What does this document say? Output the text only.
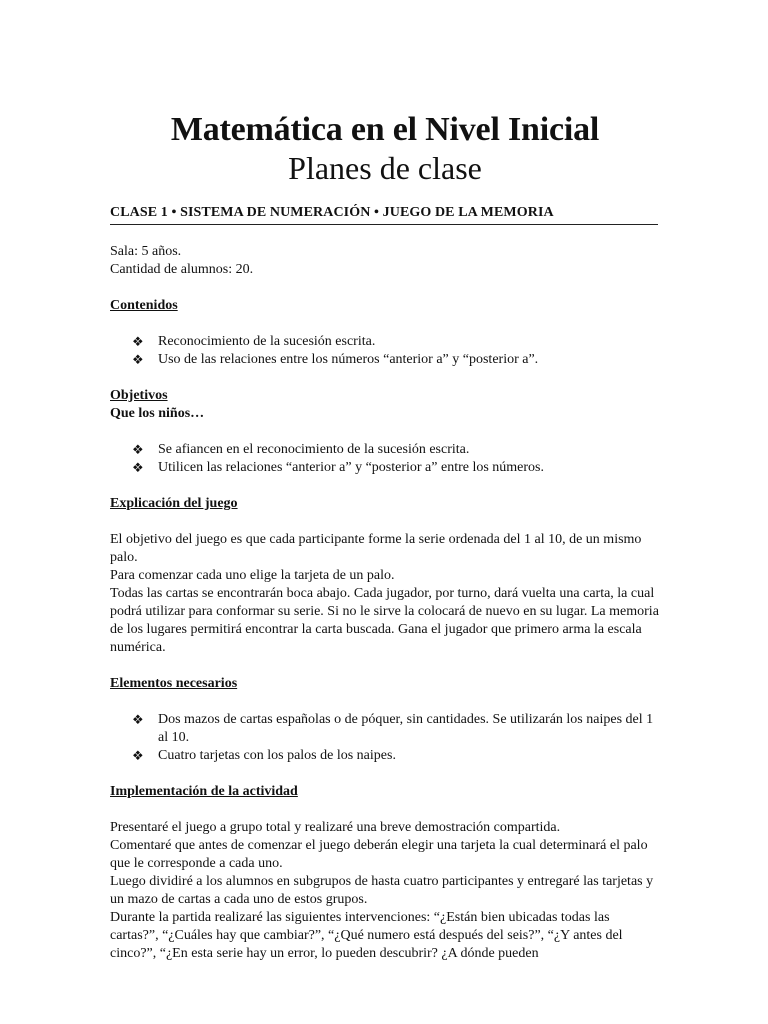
Matemática en el Nivel Inicial
Planes de clase
CLASE 1 • SISTEMA DE NUMERACIÓN • JUEGO DE LA MEMORIA

Sala: 5 años.

Cantidad de alumnos: 20.

Contenidos

❖ Reconocimiento de la sucesión escrita.
❖ Uso de las relaciones entre los números “anterior a” y “posterior a”.

Objetivos

Que los niños…

❖ Se afiancen en el reconocimiento de la sucesión escrita.
❖ Utilicen las relaciones “anterior a” y “posterior a” entre los números.

Explicación del juego

El objetivo del juego es que cada participante forme la serie ordenada del 1 al 10, de un mismo palo.

Para comenzar cada uno elige la tarjeta de un palo.

Todas las cartas se encontrarán boca abajo. Cada jugador, por turno, dará vuelta una carta, la cual podrá utilizar para conformar su serie. Si no le sirve la colocará de nuevo en su lugar. La memoria de los lugares permitirá encontrar la carta buscada. Gana el jugador que primero arma la escala numérica.

Elementos necesarios

❖ Dos mazos de cartas españolas o de póquer, sin cantidades. Se utilizarán los naipes del 1 al 10.
❖ Cuatro tarjetas con los palos de los naipes.

Implementación de la actividad

Presentaré el juego a grupo total y realizaré una breve demostración compartida.

Comentaré que antes de comenzar el juego deberán elegir una tarjeta la cual determinará el palo que le corresponde a cada uno.

Luego dividiré a los alumnos en subgrupos de hasta cuatro participantes y entregaré las tarjetas y un mazo de cartas a cada uno de estos grupos.

Durante la partida realizaré las siguientes intervenciones: “¿Están bien ubicadas todas las cartas?”, “¿Cuáles hay que cambiar?”, “¿Qué numero está después del seis?”, “¿Y antes del cinco?”, “¿En esta serie hay un error, lo pueden descubrir? ¿A dónde pueden
